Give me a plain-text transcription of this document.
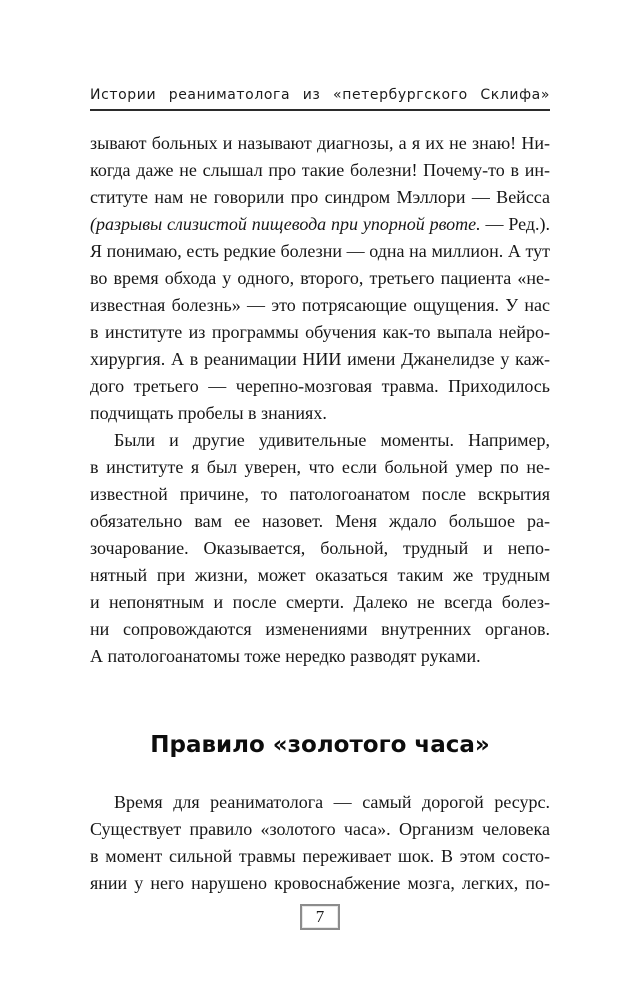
Истории реаниматолога из «петербургского Склифа»
зывают больных и называют диагнозы, а я их не знаю! Ни-
когда даже не слышал про такие болезни! Почему-то в ин-
ституте нам не говорили про синдром Мэллори — Вейсса
(разрывы слизистой пищевода при упорной рвоте. — Ред.).
Я понимаю, есть редкие болезни — одна на миллион. А тут
во время обхода у одного, второго, третьего пациента «не-
известная болезнь» — это потрясающие ощущения. У нас
в институте из программы обучения как-то выпала нейро-
хирургия. А в реанимации НИИ имени Джанелидзе у каж-
дого третьего — черепно-мозговая травма. Приходилось
подчищать пробелы в знаниях.
Были и другие удивительные моменты. Например,
в институте я был уверен, что если больной умер по не-
известной причине, то патологоанатом после вскрытия
обязательно вам ее назовет. Меня ждало большое ра-
зочарование. Оказывается, больной, трудный и непо-
нятный при жизни, может оказаться таким же трудным
и непонятным и после смерти. Далеко не всегда болез-
ни сопровождаются изменениями внутренних органов.
А патологоанатомы тоже нередко разводят руками.
Правило «золотого часа»
Время для реаниматолога — самый дорогой ресурс.
Существует правило «золотого часа». Организм человека
в момент сильной травмы переживает шок. В этом состо-
янии у него нарушено кровоснабжение мозга, легких, по-
7
